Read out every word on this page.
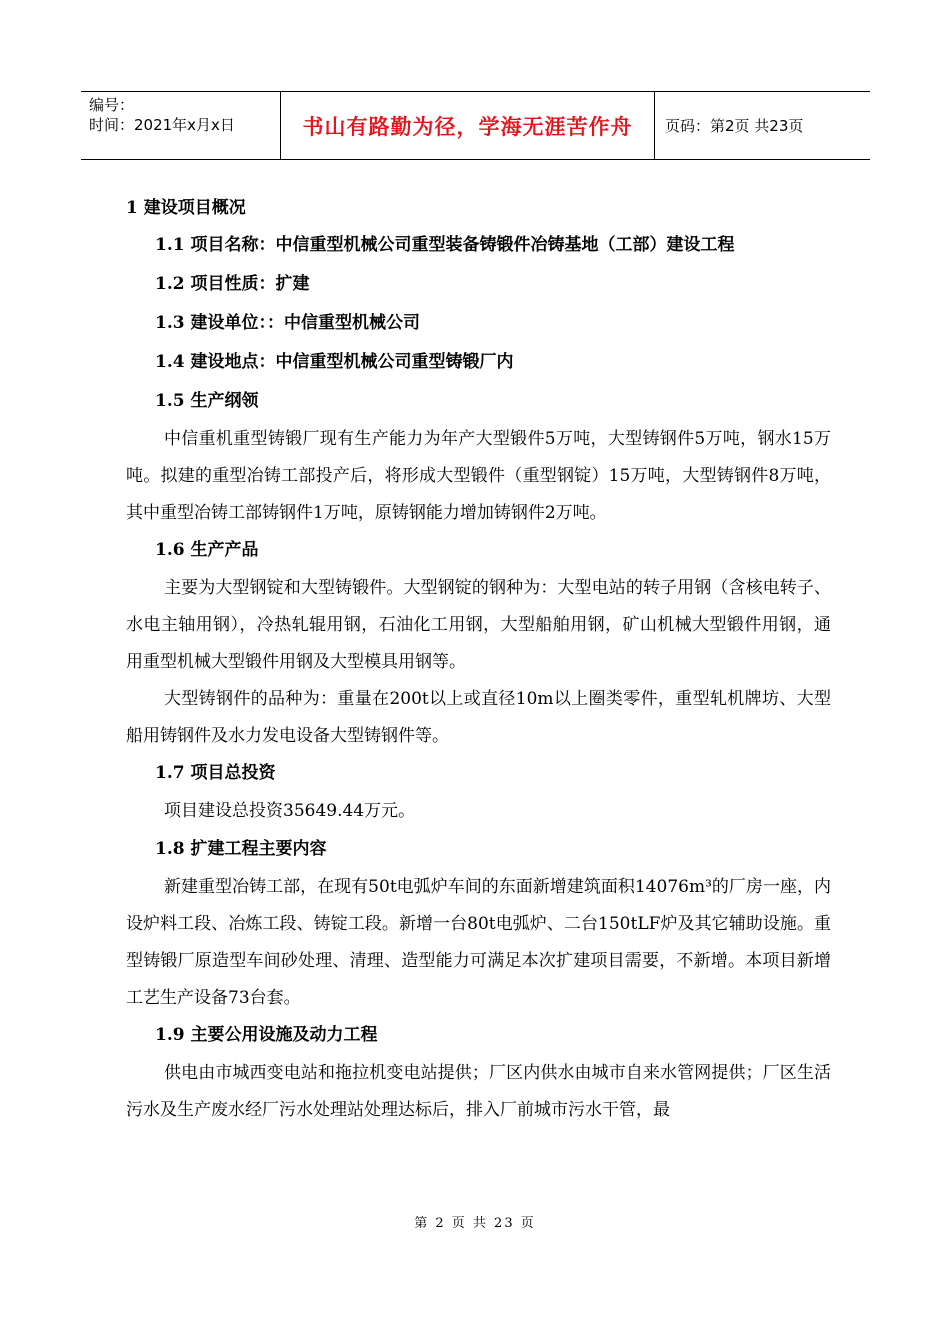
编号：
时间：2021年x月x日	书山有路勤为径，学海无涯苦作舟	页码：第2页 共23页

1 建设项目概况

1.1 项目名称：中信重型机械公司重型装备铸锻件冶铸基地（工部）建设工程

1.2 项目性质：扩建

1.3 建设单位：：中信重型机械公司

1.4 建设地点：中信重型机械公司重型铸锻厂内

1.5 生产纲领

中信重机重型铸锻厂现有生产能力为年产大型锻件5万吨，大型铸钢件5万吨，钢水15万吨。拟建的重型冶铸工部投产后，将形成大型锻件（重型钢锭）15万吨，大型铸钢件8万吨，其中重型冶铸工部铸钢件1万吨，原铸钢能力增加铸钢件2万吨。

1.6 生产产品

主要为大型钢锭和大型铸锻件。大型钢锭的钢种为：大型电站的转子用钢（含核电转子、水电主轴用钢），冷热轧辊用钢，石油化工用钢，大型船舶用钢，矿山机械大型锻件用钢，通用重型机械大型锻件用钢及大型模具用钢等。

大型铸钢件的品种为：重量在200t以上或直径10m以上圈类零件，重型轧机牌坊、大型船用铸钢件及水力发电设备大型铸钢件等。

1.7 项目总投资

项目建设总投资35649.44万元。

1.8 扩建工程主要内容

新建重型冶铸工部，在现有50t电弧炉车间的东面新增建筑面积14076m³的厂房一座，内设炉料工段、冶炼工段、铸锭工段。新增一台80t电弧炉、二台150tLF炉及其它辅助设施。重型铸锻厂原造型车间砂处理、清理、造型能力可满足本次扩建项目需要，不新增。本项目新增工艺生产设备73台套。

1.9 主要公用设施及动力工程

供电由市城西变电站和拖拉机变电站提供；厂区内供水由城市自来水管网提供；厂区生活污水及生产废水经厂污水处理站处理达标后，排入厂前城市污水干管，最

第 2 页 共 23 页
